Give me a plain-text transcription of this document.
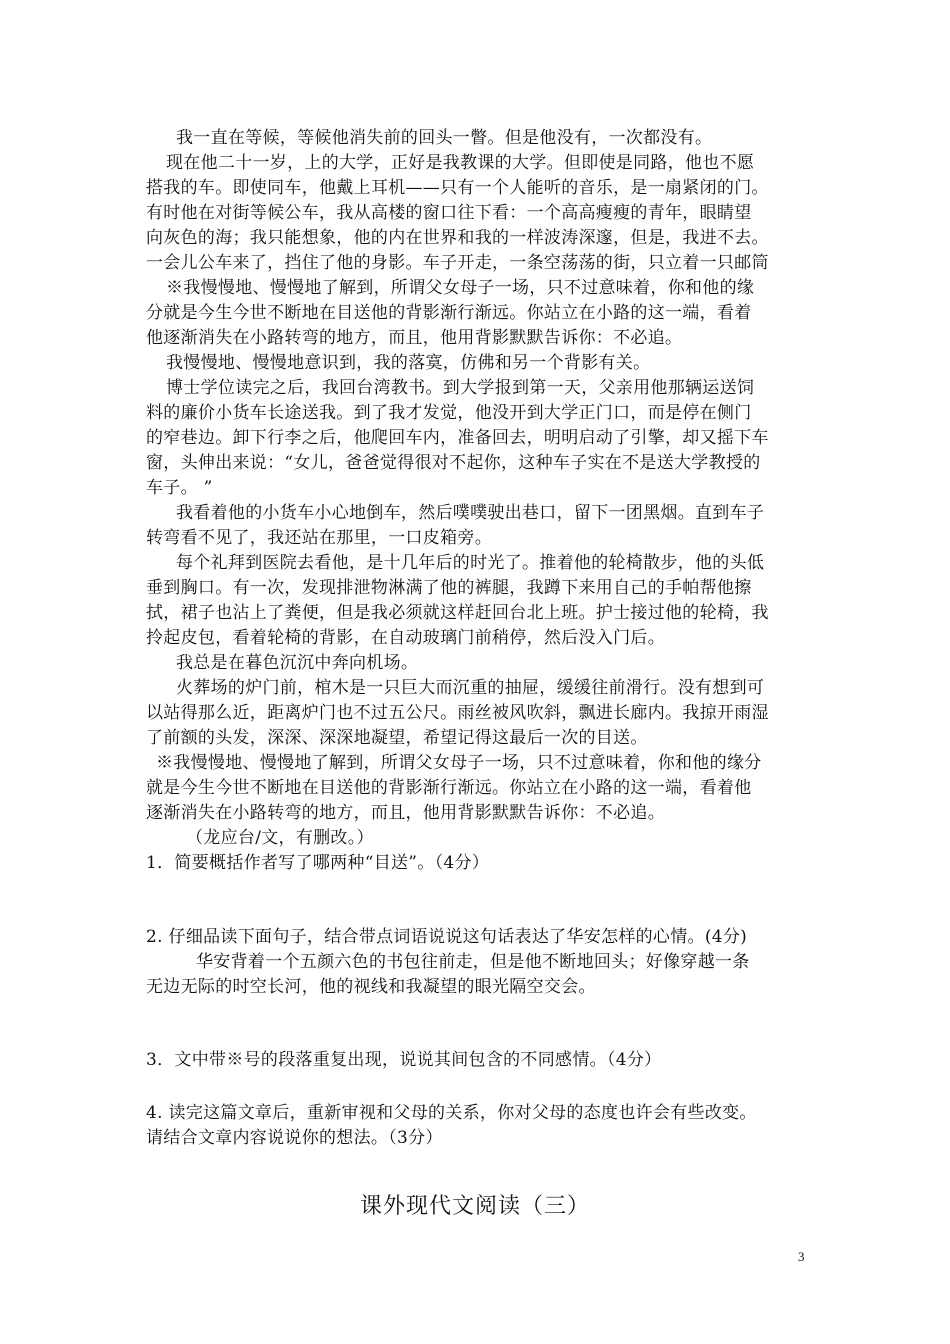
我一直在等候，等候他消失前的回头一瞥。但是他没有，一次都没有。
现在他二十一岁，上的大学，正好是我教课的大学。但即使是同路，他也不愿
搭我的车。即使同车，他戴上耳机——只有一个人能听的音乐，是一扇紧闭的门。
有时他在对街等候公车，我从高楼的窗口往下看：一个高高瘦瘦的青年，眼睛望
向灰色的海；我只能想象，他的内在世界和我的一样波涛深邃，但是，我进不去。
一会儿公车来了，挡住了他的身影。车子开走，一条空荡荡的街，只立着一只邮筒
※我慢慢地、慢慢地了解到，所谓父女母子一场，只不过意味着，你和他的缘
分就是今生今世不断地在目送他的背影渐行渐远。你站立在小路的这一端，看着
他逐渐消失在小路转弯的地方，而且，他用背影默默告诉你：不必追。
我慢慢地、慢慢地意识到，我的落寞，仿佛和另一个背影有关。
博士学位读完之后，我回台湾教书。到大学报到第一天，父亲用他那辆运送饲
料的廉价小货车长途送我。到了我才发觉，他没开到大学正门口，而是停在侧门
的窄巷边。卸下行李之后，他爬回车内，准备回去，明明启动了引擎，却又摇下车
窗，头伸出来说：“女儿，爸爸觉得很对不起你，这种车子实在不是送大学教授的
车子。 ”
我看着他的小货车小心地倒车，然后噗噗驶出巷口，留下一团黑烟。直到车子
转弯看不见了，我还站在那里，一口皮箱旁。
每个礼拜到医院去看他，是十几年后的时光了。推着他的轮椅散步，他的头低
垂到胸口。有一次，发现排泄物淋满了他的裤腿，我蹲下来用自己的手帕帮他擦
拭，裙子也沾上了粪便，但是我必须就这样赶回台北上班。护士接过他的轮椅，我
拎起皮包，看着轮椅的背影，在自动玻璃门前稍停，然后没入门后。
我总是在暮色沉沉中奔向机场。
火葬场的炉门前，棺木是一只巨大而沉重的抽屉，缓缓往前滑行。没有想到可
以站得那么近，距离炉门也不过五公尺。雨丝被风吹斜，飘进长廊内。我掠开雨湿
了前额的头发，深深、深深地凝望，希望记得这最后一次的目送。
※我慢慢地、慢慢地了解到，所谓父女母子一场，只不过意味着，你和他的缘分
就是今生今世不断地在目送他的背影渐行渐远。你站立在小路的这一端，看着他
逐渐消失在小路转弯的地方，而且，他用背影默默告诉你：不必追。
（龙应台/文，有删改。）
1．简要概括作者写了哪两种“目送”。（4分）
2. 仔细品读下面句子，结合带点词语说说这句话表达了华安怎样的心情。(4分)
华安背着一个五颜六色的书包往前走，但是他不断地回头；好像穿越一条
无边无际的时空长河，他的视线和我凝望的眼光隔空交会。
3．文中带※号的段落重复出现，说说其间包含的不同感情。（4分）
4. 读完这篇文章后，重新审视和父母的关系，你对父母的态度也许会有些改变。
请结合文章内容说说你的想法。（3分）
课外现代文阅读（三）
3
